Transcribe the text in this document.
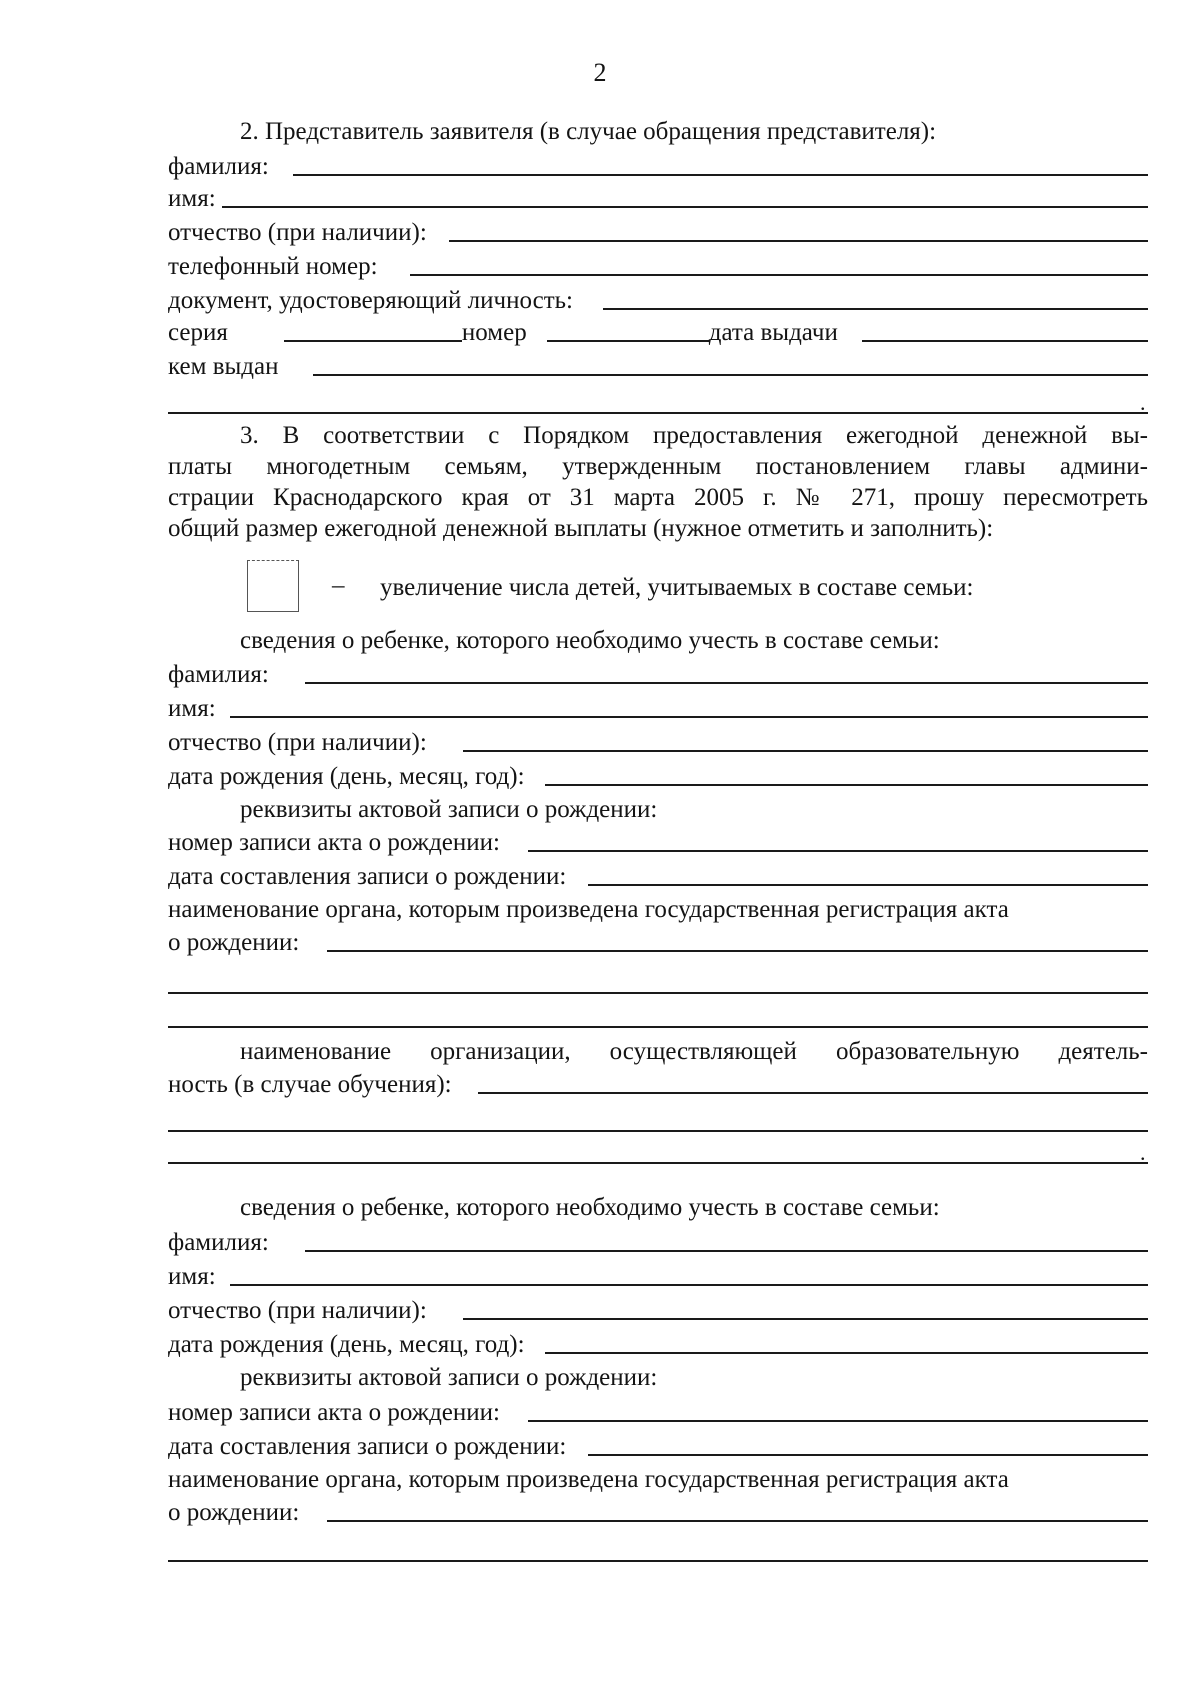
2
2. Представитель заявителя (в случае обращения представителя):
фамилия:
имя:
отчество (при наличии):
телефонный номер:
документ, удостоверяющий личность:
серия	номер	дата выдачи
кем выдан
.
3. В соответствии с Порядком предоставления ежегодной денежной вы-
платы многодетным семьям, утвержденным постановлением главы админи-
страции Краснодарского края от 31 марта 2005 г. № 271, прошу пересмотреть
общий размер ежегодной денежной выплаты (нужное отметить и заполнить):
– увеличение числа детей, учитываемых в составе семьи:
сведения о ребенке, которого необходимо учесть в составе семьи:
фамилия:
имя:
отчество (при наличии):
дата рождения (день, месяц, год):
реквизиты актовой записи о рождении:
номер записи акта о рождении:
дата составления записи о рождении:
наименование органа, которым произведена государственная регистрация акта
о рождении:
наименование организации, осуществляющей образовательную деятель-
ность (в случае обучения):
.
сведения о ребенке, которого необходимо учесть в составе семьи:
фамилия:
имя:
отчество (при наличии):
дата рождения (день, месяц, год):
реквизиты актовой записи о рождении:
номер записи акта о рождении:
дата составления записи о рождении:
наименование органа, которым произведена государственная регистрация акта
о рождении:
